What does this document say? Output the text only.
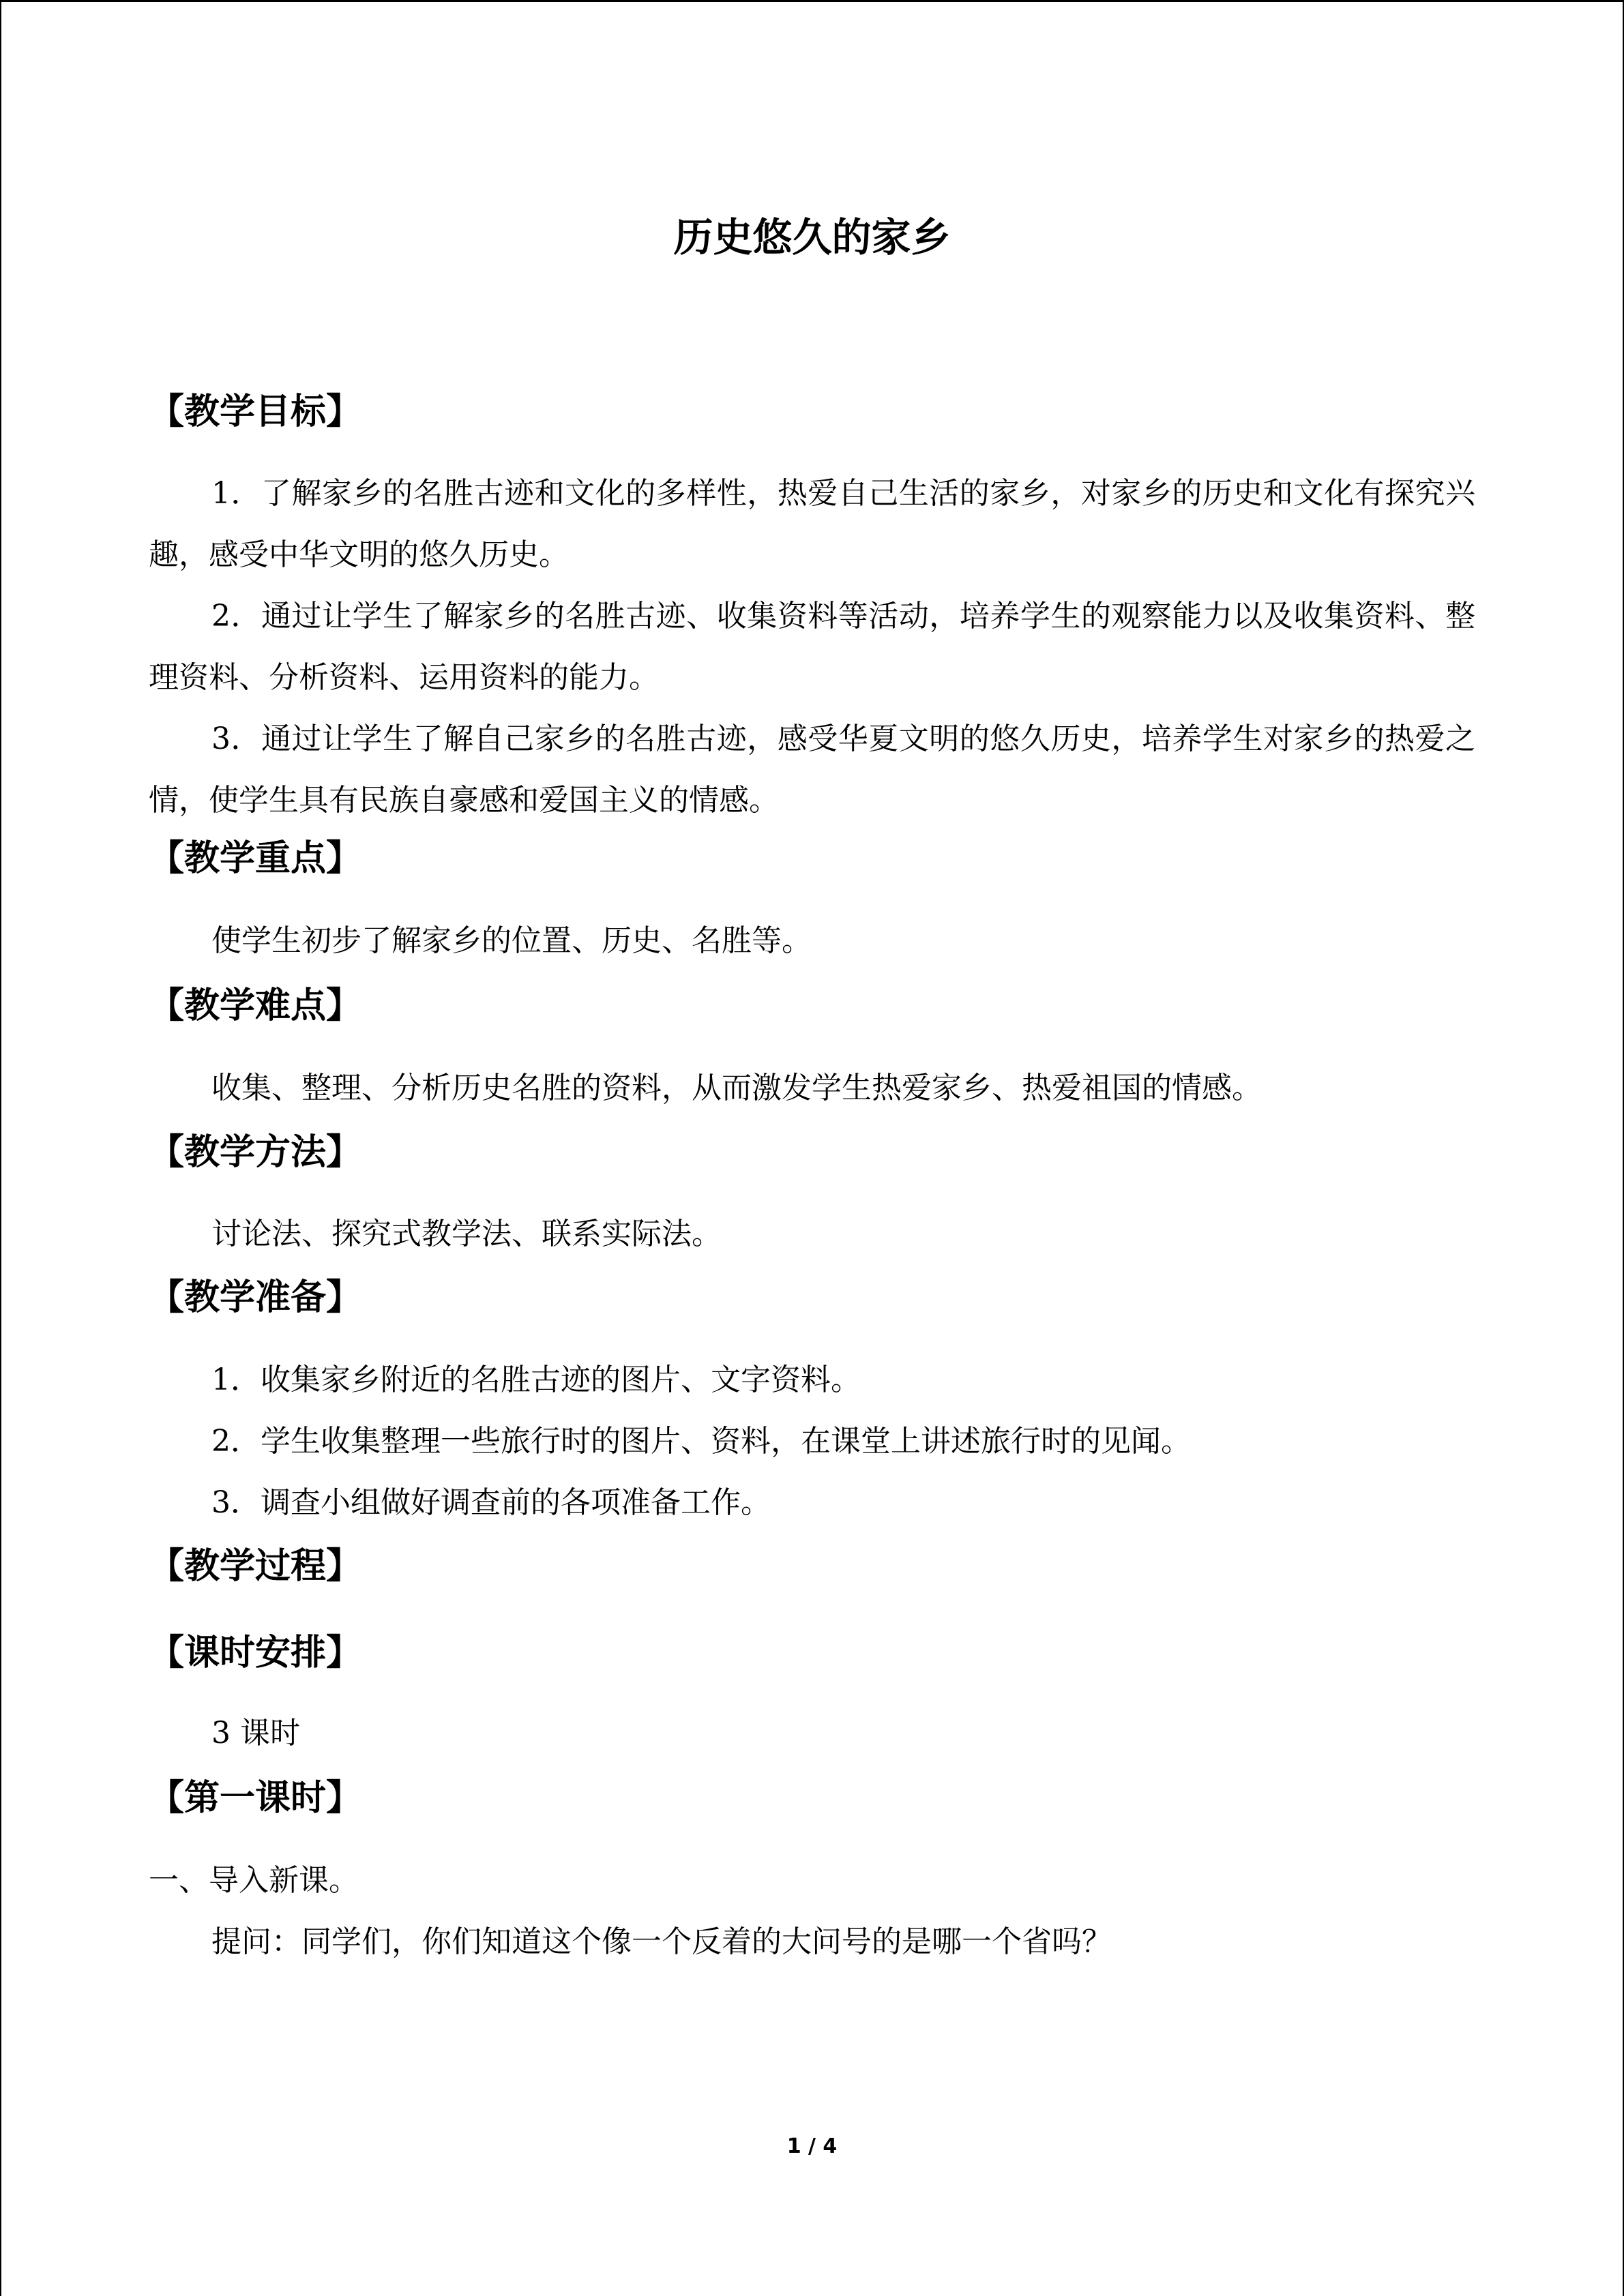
历史悠久的家乡
【教学目标】
1．了解家乡的名胜古迹和文化的多样性，热爱自己生活的家乡，对家乡的历史和文化有探究兴趣，感受中华文明的悠久历史。
2．通过让学生了解家乡的名胜古迹、收集资料等活动，培养学生的观察能力以及收集资料、整理资料、分析资料、运用资料的能力。
3．通过让学生了解自己家乡的名胜古迹，感受华夏文明的悠久历史，培养学生对家乡的热爱之情，使学生具有民族自豪感和爱国主义的情感。
【教学重点】
使学生初步了解家乡的位置、历史、名胜等。
【教学难点】
收集、整理、分析历史名胜的资料，从而激发学生热爱家乡、热爱祖国的情感。
【教学方法】
讨论法、探究式教学法、联系实际法。
【教学准备】
1．收集家乡附近的名胜古迹的图片、文字资料。
2．学生收集整理一些旅行时的图片、资料，在课堂上讲述旅行时的见闻。
3．调查小组做好调查前的各项准备工作。
【教学过程】
【课时安排】
3 课时
【第一课时】
一、导入新课。
提问：同学们，你们知道这个像一个反着的大问号的是哪一个省吗？
1 / 4
